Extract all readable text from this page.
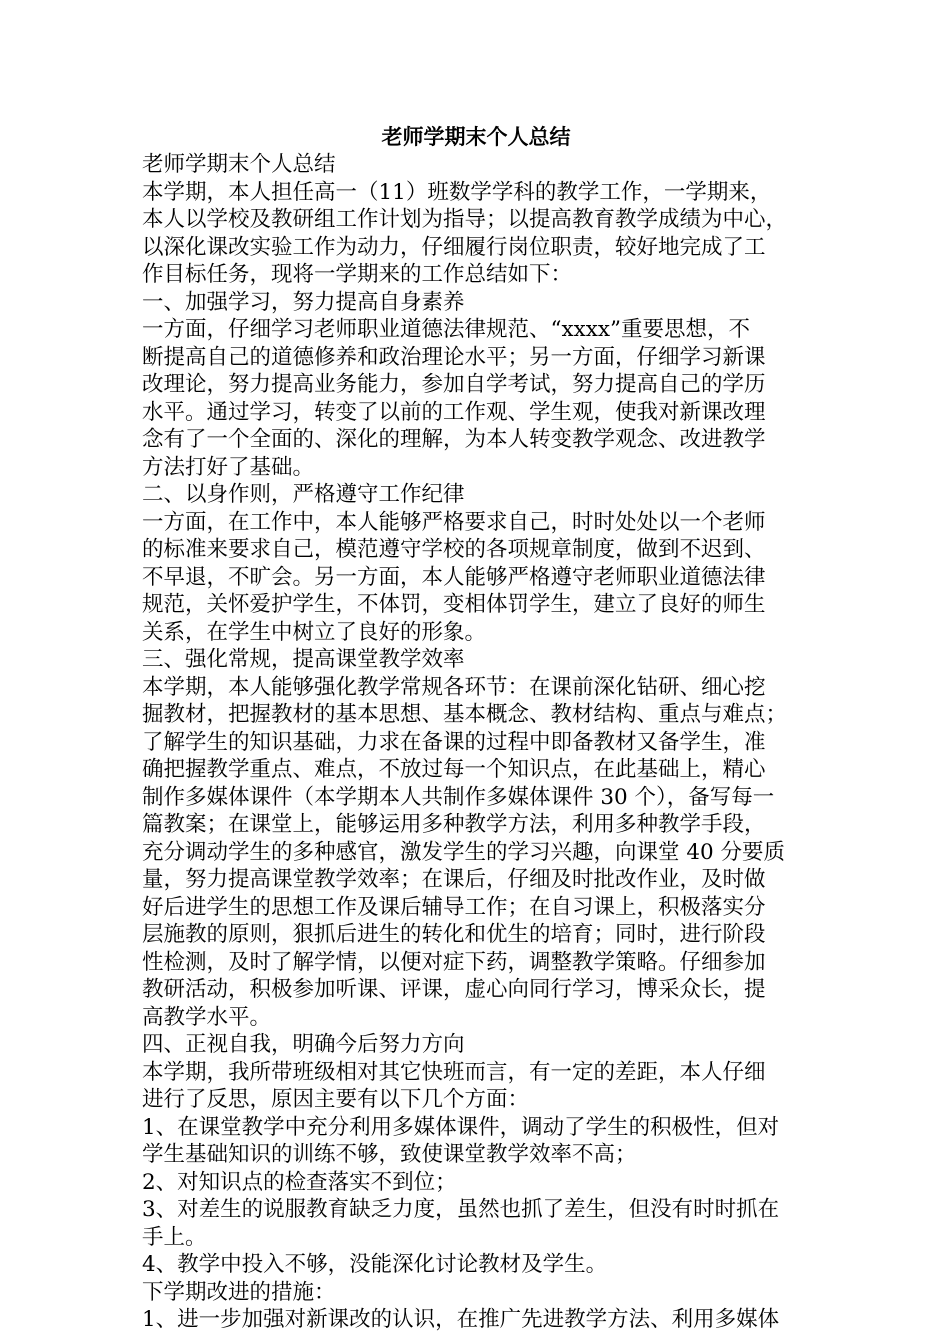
老师学期末个人总结
老师学期末个人总结
本学期，本人担任高一（11）班数学学科的教学工作，一学期来，
本人以学校及教研组工作计划为指导；以提高教育教学成绩为中心，
以深化课改实验工作为动力，仔细履行岗位职责，较好地完成了工
作目标任务，现将一学期来的工作总结如下：
一、加强学习，努力提高自身素养
一方面，仔细学习老师职业道德法律规范、“xxxx”重要思想，不
断提高自己的道德修养和政治理论水平；另一方面，仔细学习新课
改理论，努力提高业务能力，参加自学考试，努力提高自己的学历
水平。通过学习，转变了以前的工作观、学生观，使我对新课改理
念有了一个全面的、深化的理解，为本人转变教学观念、改进教学
方法打好了基础。
二、以身作则，严格遵守工作纪律
一方面，在工作中，本人能够严格要求自己，时时处处以一个老师
的标准来要求自己，模范遵守学校的各项规章制度，做到不迟到、
不早退，不旷会。另一方面，本人能够严格遵守老师职业道德法律
规范，关怀爱护学生，不体罚，变相体罚学生，建立了良好的师生
关系，在学生中树立了良好的形象。
三、强化常规，提高课堂教学效率
本学期，本人能够强化教学常规各环节：在课前深化钻研、细心挖
掘教材，把握教材的基本思想、基本概念、教材结构、重点与难点；
了解学生的知识基础，力求在备课的过程中即备教材又备学生，准
确把握教学重点、难点，不放过每一个知识点，在此基础上，精心
制作多媒体课件（本学期本人共制作多媒体课件 30 个），备写每一
篇教案；在课堂上，能够运用多种教学方法，利用多种教学手段，
充分调动学生的多种感官，激发学生的学习兴趣，向课堂 40 分要质
量，努力提高课堂教学效率；在课后，仔细及时批改作业，及时做
好后进学生的思想工作及课后辅导工作；在自习课上，积极落实分
层施教的原则，狠抓后进生的转化和优生的培育；同时，进行阶段
性检测，及时了解学情，以便对症下药，调整教学策略。仔细参加
教研活动，积极参加听课、评课，虚心向同行学习，博采众长，提
高教学水平。
四、正视自我，明确今后努力方向
本学期，我所带班级相对其它快班而言，有一定的差距，本人仔细
进行了反思，原因主要有以下几个方面：
1、在课堂教学中充分利用多媒体课件，调动了学生的积极性，但对
学生基础知识的训练不够，致使课堂教学效率不高；
2、对知识点的检查落实不到位；
3、对差生的说服教育缺乏力度，虽然也抓了差生，但没有时时抓在
手上。
4、教学中投入不够，没能深化讨论教材及学生。
下学期改进的措施：
1、进一步加强对新课改的认识，在推广先进教学方法、利用多媒体
